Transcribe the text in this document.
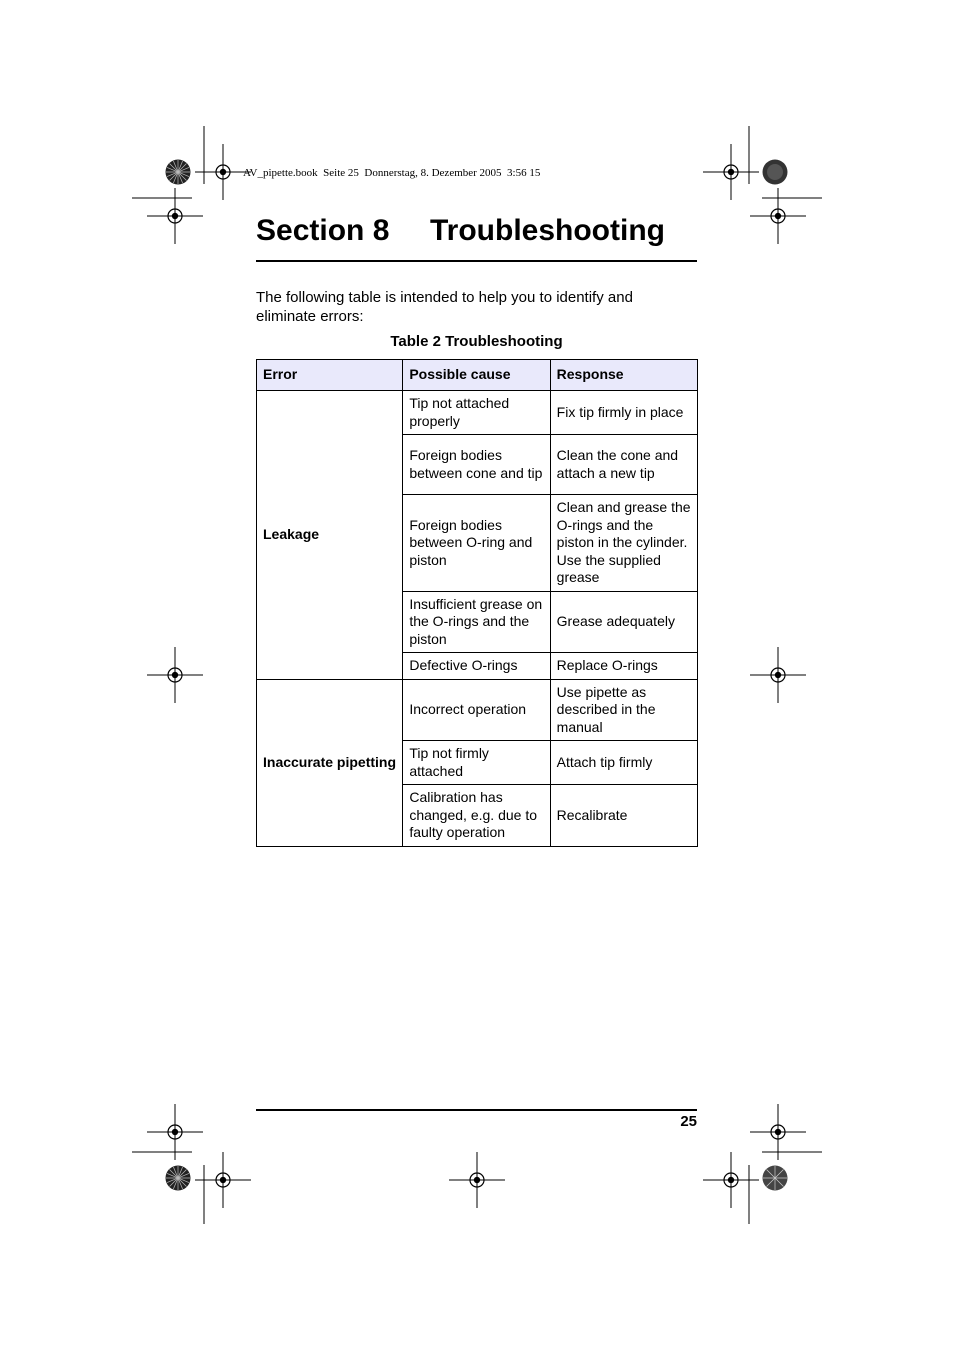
AV_pipette.book  Seite 25  Donnerstag, 8. Dezember 2005  3:56 15
Section 8 Troubleshooting

The following table is intended to help you to identify and eliminate errors:

Table 2 Troubleshooting
Error	Possible cause	Response
Leakage	Tip not attached properly	Fix tip firmly in place
	Foreign bodies between cone and tip	Clean the cone and attach a new tip
	Foreign bodies between O-ring and piston	Clean and grease the O-rings and the piston in the cylinder. Use the supplied grease
	Insufficient grease on the O-rings and the piston	Grease adequately
	Defective O-rings	Replace O-rings
Inaccurate pipetting	Incorrect operation	Use pipette as described in the manual
	Tip not firmly attached	Attach tip firmly
	Calibration has changed, e.g. due to faulty operation	Recalibrate
25
